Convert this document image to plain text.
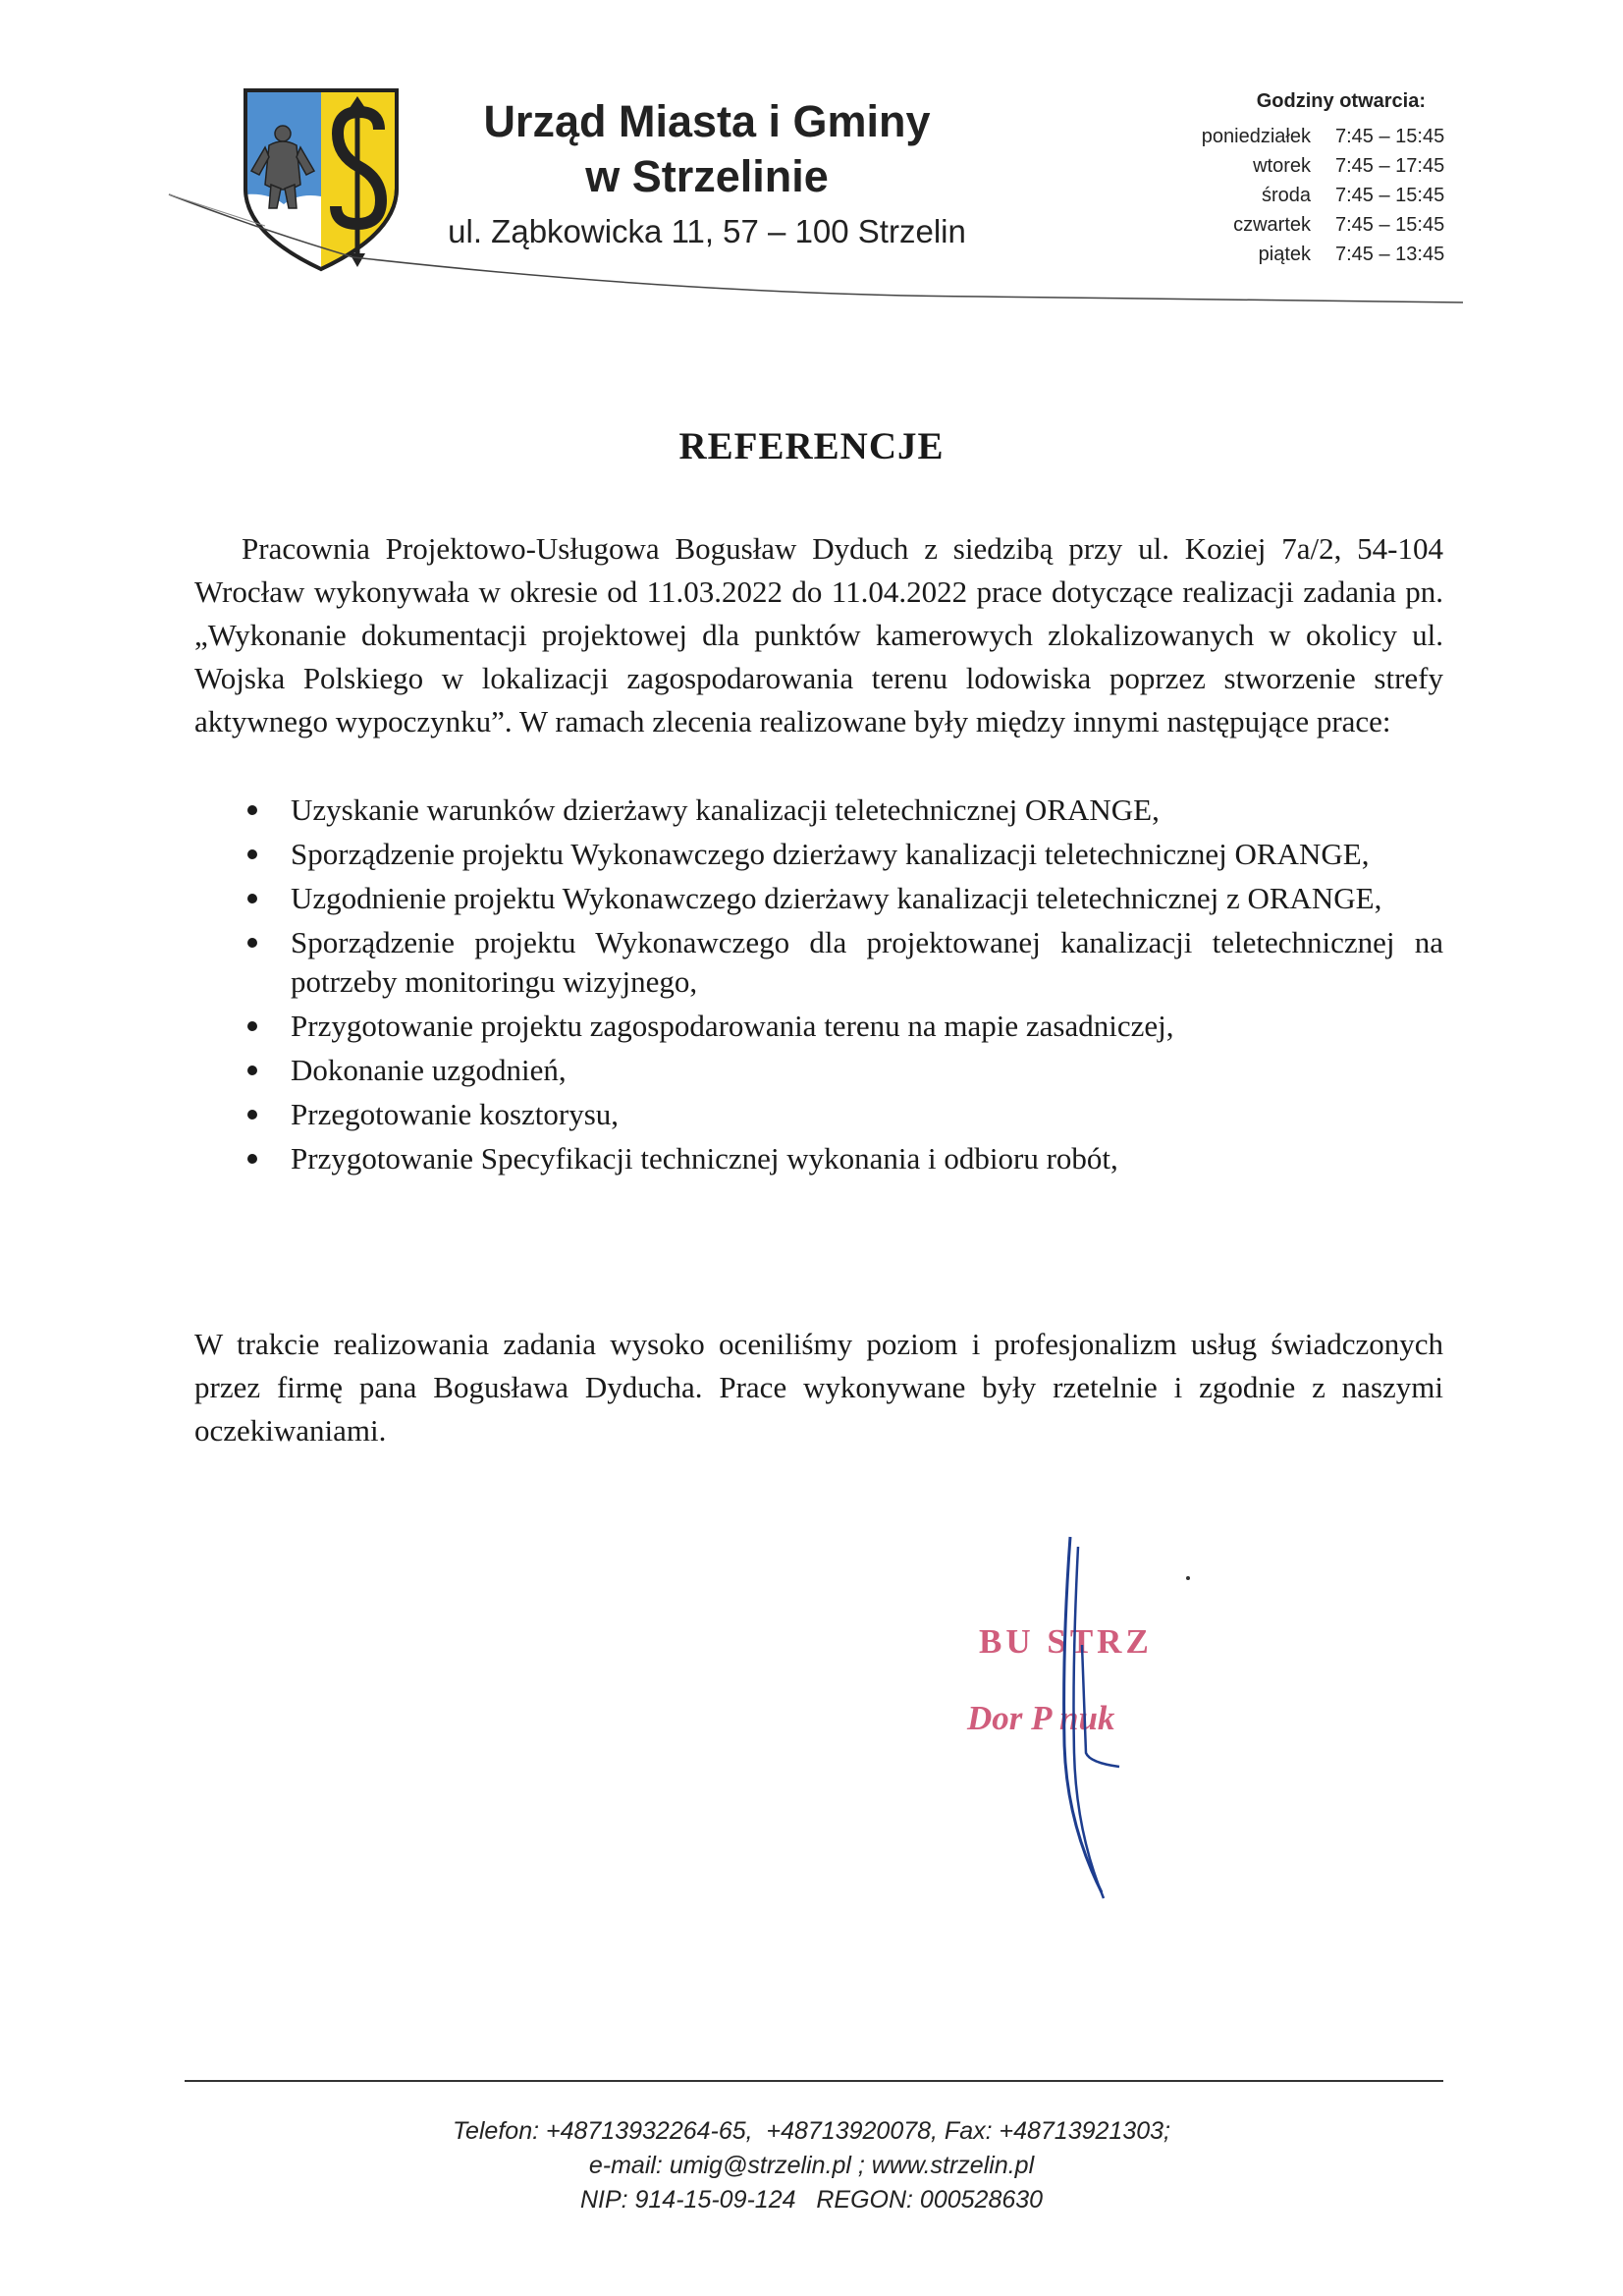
Urząd Miasta i Gminy
w Strzelinie
ul. Ząbkowicka 11, 57 – 100 Strzelin
Godziny otwarcia:
poniedziałek	7:45 – 15:45
wtorek	7:45 – 17:45
środa	7:45 – 15:45
czwartek	7:45 – 15:45
piątek	7:45 – 13:45
REFERENCJE

Pracownia Projektowo-Usługowa Bogusław Dyduch z siedzibą przy ul. Koziej 7a/2, 54-104 Wrocław wykonywała w okresie od 11.03.2022 do 11.04.2022 prace dotyczące realizacji zadania pn. „Wykonanie dokumentacji projektowej dla punktów kamerowych zlokalizowanych w okolicy ul. Wojska Polskiego w lokalizacji zagospodarowania terenu lodowiska poprzez stworzenie strefy aktywnego wypoczynku”. W ramach zlecenia realizowane były między innymi następujące prace:

Uzyskanie warunków dzierżawy kanalizacji teletechnicznej ORANGE,
Sporządzenie projektu Wykonawczego dzierżawy kanalizacji teletechnicznej ORANGE,
Uzgodnienie projektu Wykonawczego dzierżawy kanalizacji teletechnicznej z ORANGE,
Sporządzenie projektu Wykonawczego dla projektowanej kanalizacji teletechnicznej na potrzeby monitoringu wizyjnego,
Przygotowanie projektu zagospodarowania terenu na mapie zasadniczej,
Dokonanie uzgodnień,
Przegotowanie kosztorysu,
Przygotowanie Specyfikacji technicznej wykonania i odbioru robót,

W trakcie realizowania zadania wysoko oceniliśmy poziom i profesjonalizm usług świadczonych przez firmę pana Bogusława Dyducha. Prace wykonywane były rzetelnie i zgodnie z naszymi oczekiwaniami.

BU STRZ
Dor P nuk
Telefon: +48713932264-65,  +48713920078, Fax: +48713921303;
e-mail: umig@strzelin.pl ; www.strzelin.pl
NIP: 914-15-09-124   REGON: 000528630
